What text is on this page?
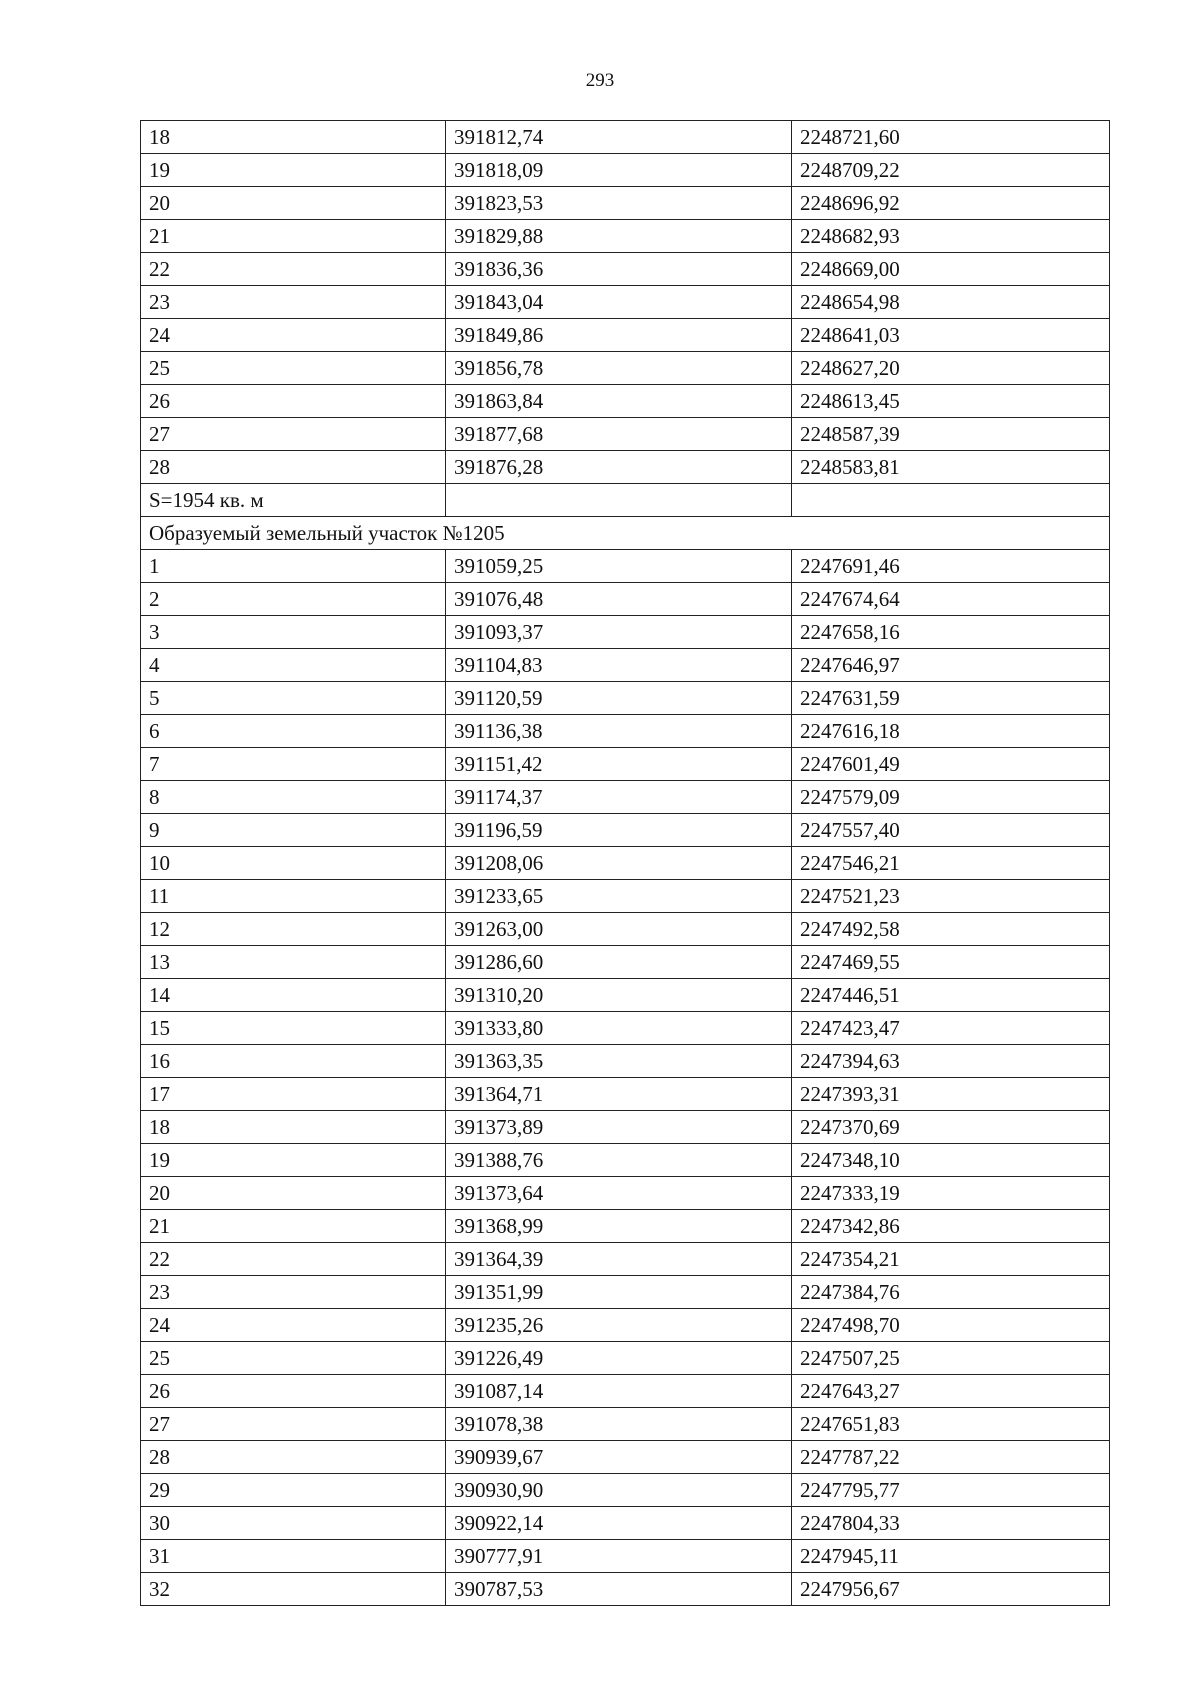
293
18	391812,74	2248721,60
19	391818,09	2248709,22
20	391823,53	2248696,92
21	391829,88	2248682,93
22	391836,36	2248669,00
23	391843,04	2248654,98
24	391849,86	2248641,03
25	391856,78	2248627,20
26	391863,84	2248613,45
27	391877,68	2248587,39
28	391876,28	2248583,81
S=1954 кв. м		
Образуемый земельный участок №1205		
1	391059,25	2247691,46
2	391076,48	2247674,64
3	391093,37	2247658,16
4	391104,83	2247646,97
5	391120,59	2247631,59
6	391136,38	2247616,18
7	391151,42	2247601,49
8	391174,37	2247579,09
9	391196,59	2247557,40
10	391208,06	2247546,21
11	391233,65	2247521,23
12	391263,00	2247492,58
13	391286,60	2247469,55
14	391310,20	2247446,51
15	391333,80	2247423,47
16	391363,35	2247394,63
17	391364,71	2247393,31
18	391373,89	2247370,69
19	391388,76	2247348,10
20	391373,64	2247333,19
21	391368,99	2247342,86
22	391364,39	2247354,21
23	391351,99	2247384,76
24	391235,26	2247498,70
25	391226,49	2247507,25
26	391087,14	2247643,27
27	391078,38	2247651,83
28	390939,67	2247787,22
29	390930,90	2247795,77
30	390922,14	2247804,33
31	390777,91	2247945,11
32	390787,53	2247956,67
